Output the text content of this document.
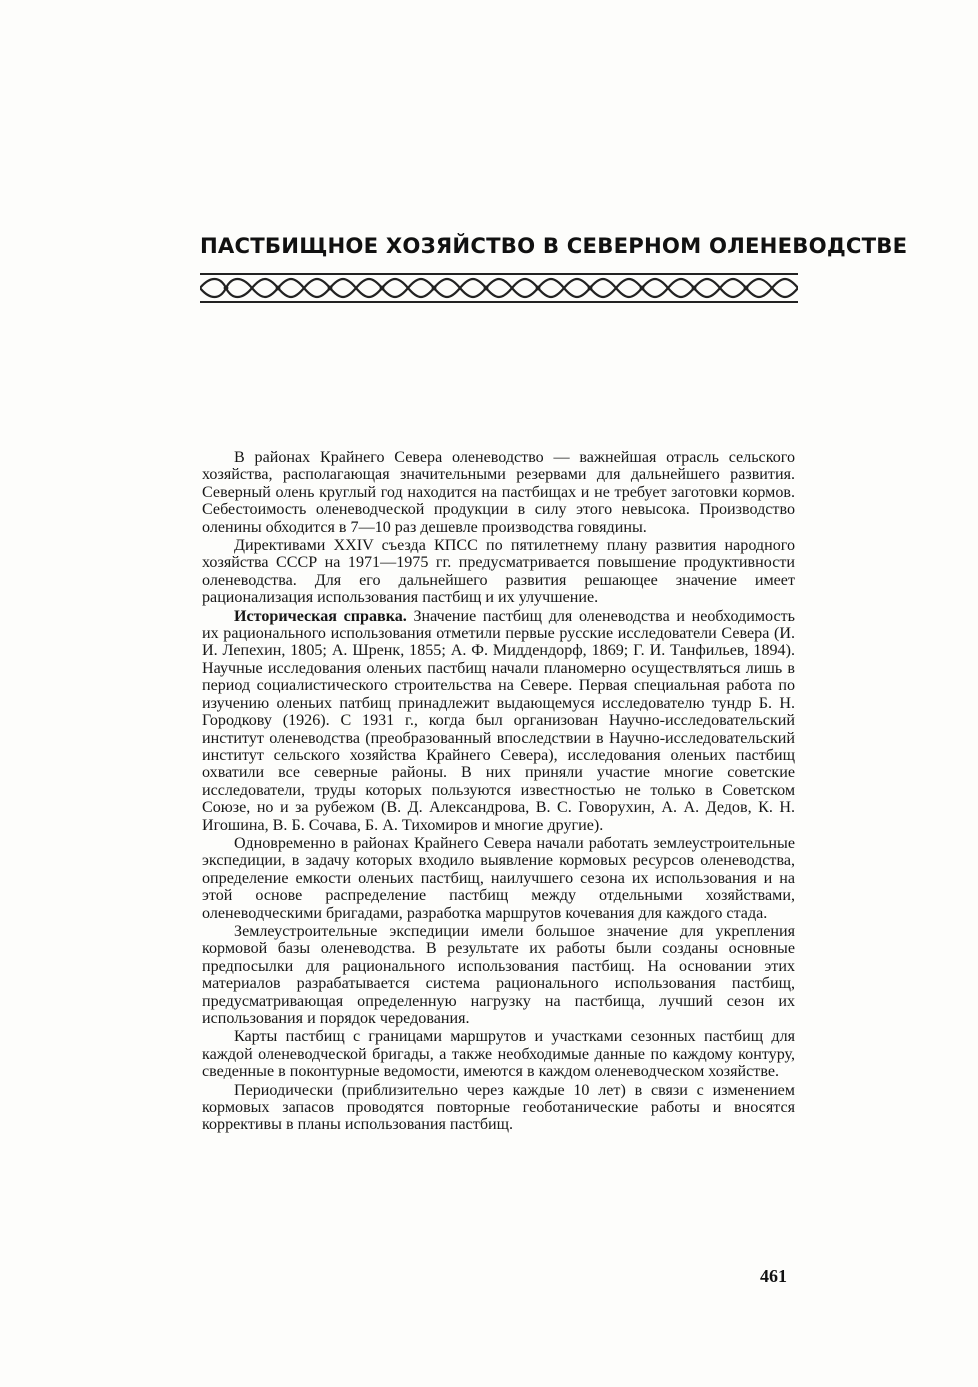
ПАСТБИЩНОЕ ХОЗЯЙСТВО В СЕВЕРНОМ ОЛЕНЕВОДСТВЕ

В районах Крайнего Севера оленеводство — важнейшая отрасль сельского хозяйства, располагающая значительными резервами для дальнейшего развития. Северный олень круглый год находится на пастбищах и не требует заготовки кормов. Себестоимость оленеводческой продукции в силу этого невысока. Производство оленины обходится в 7—10 раз дешевле производства говядины.

Директивами XXIV съезда КПСС по пятилетнему плану развития народного хозяйства СССР на 1971—1975 гг. предусматривается повышение продуктивности оленеводства. Для его дальнейшего развития решающее значение имеет рационализация использования пастбищ и их улучшение.

Историческая справка. Значение пастбищ для оленеводства и необходимость их рационального использования отметили первые русские исследователи Севера (И. И. Лепехин, 1805; А. Шренк, 1855; А. Ф. Миддендорф, 1869; Г. И. Танфильев, 1894). Научные исследования оленьих пастбищ начали планомерно осуществляться лишь в период социалистического строительства на Севере. Первая специальная работа по изучению оленьих патбищ принадлежит выдающемуся исследователю тундр Б. Н. Городкову (1926). С 1931 г., когда был организован Научно-исследовательский институт оленеводства (преобразованный впоследствии в Научно-исследовательский институт сельского хозяйства Крайнего Севера), исследования оленьих пастбищ охватили все северные районы. В них приняли участие многие советские исследователи, труды которых пользуются известностью не только в Советском Союзе, но и за рубежом (В. Д. Александрова, В. С. Говорухин, А. А. Дедов, К. Н. Игошина, В. Б. Сочава, Б. А. Тихомиров и многие другие).

Одновременно в районах Крайнего Севера начали работать землеустроительные экспедиции, в задачу которых входило выявление кормовых ресурсов оленеводства, определение емкости оленьих пастбищ, наилучшего сезона их использования и на этой основе распределение пастбищ между отдельными хозяйствами, оленеводческими бригадами, разработка маршрутов кочевания для каждого стада.

Землеустроительные экспедиции имели большое значение для укрепления кормовой базы оленеводства. В результате их работы были созданы основные предпосылки для рационального использования пастбищ. На основании этих материалов разрабатывается система рационального использования пастбищ, предусматривающая определенную нагрузку на пастбища, лучший сезон их использования и порядок чередования.

Карты пастбищ с границами маршрутов и участками сезонных пастбищ для каждой оленеводческой бригады, а также необходимые данные по каждому контуру, сведенные в поконтурные ведомости, имеются в каждом оленеводческом хозяйстве.

Периодически (приблизительно через каждые 10 лет) в связи с изменением кормовых запасов проводятся повторные геоботанические работы и вносятся коррективы в планы использования пастбищ.

461
